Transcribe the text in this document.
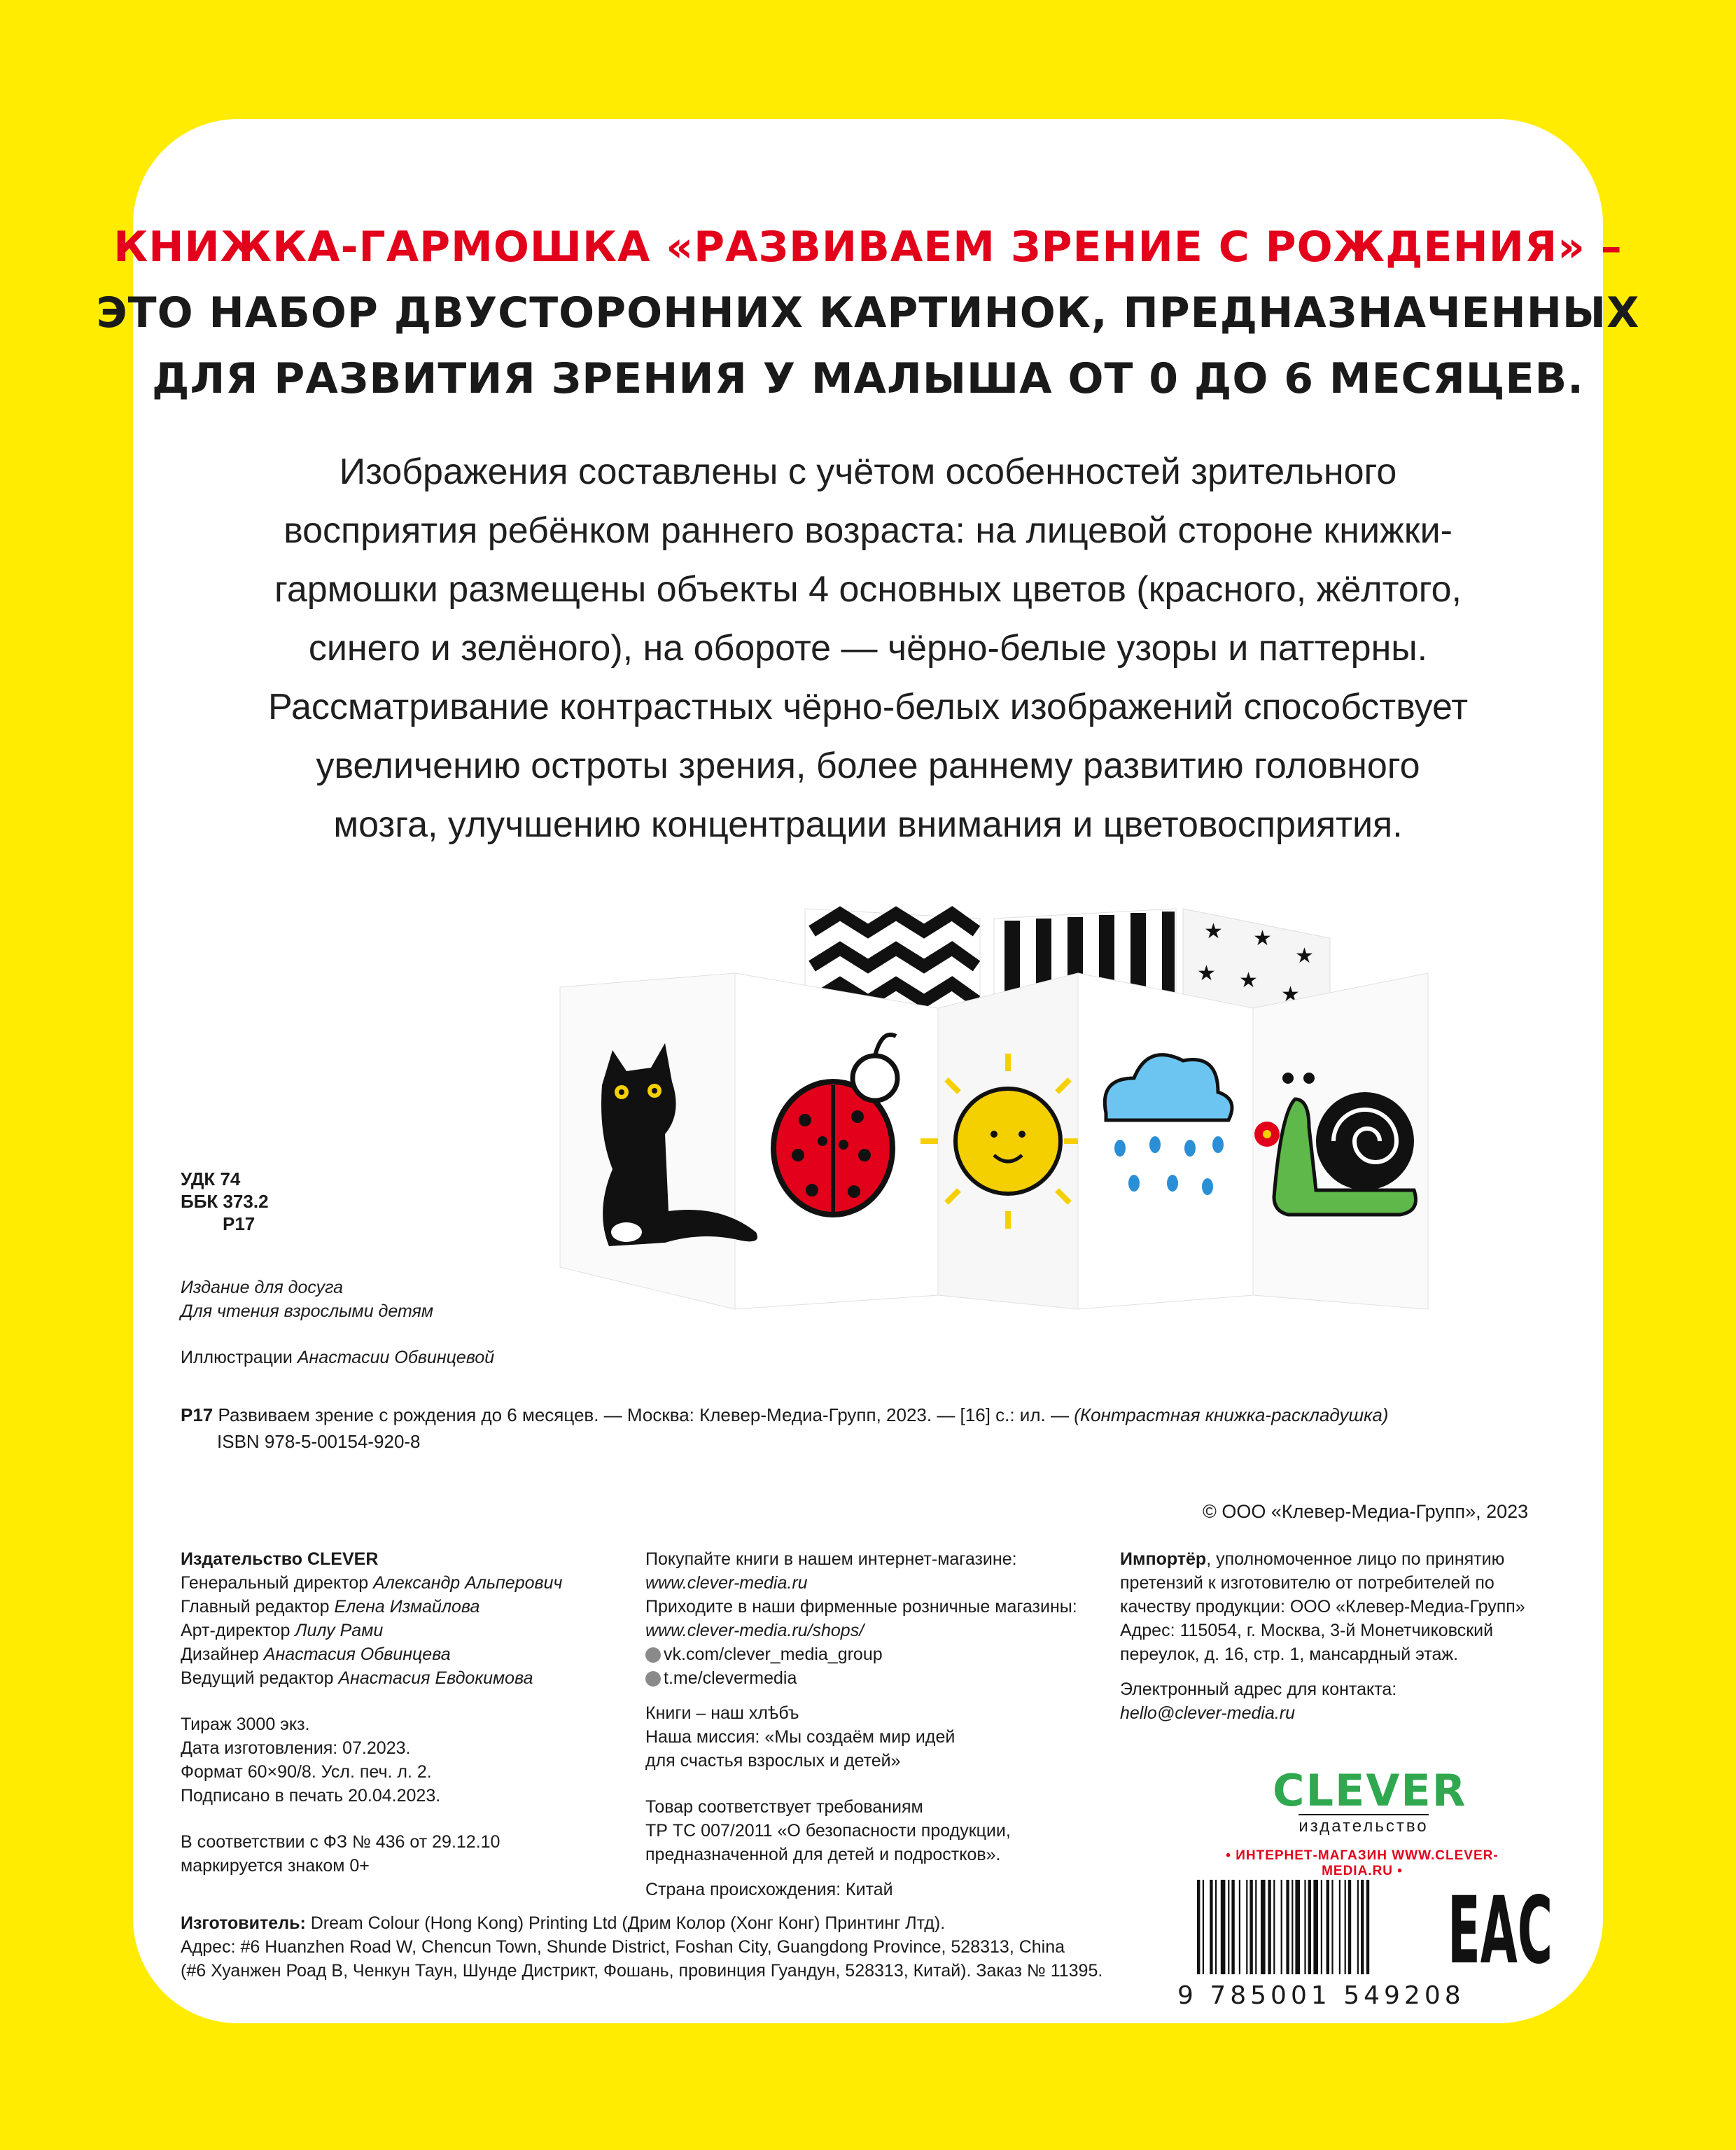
КНИЖКА-ГАРМОШКА «РАЗВИВАЕМ ЗРЕНИЕ С РОЖДЕНИЯ» –
ЭТО НАБОР ДВУСТОРОННИХ КАРТИНОК, ПРЕДНАЗНАЧЕННЫХ
ДЛЯ РАЗВИТИЯ ЗРЕНИЯ У МАЛЫША ОТ 0 ДО 6 МЕСЯЦЕВ.
Изображения составлены с учётом особенностей зрительного
восприятия ребёнком раннего возраста: на лицевой стороне книжки-
гармошки размещены объекты 4 основных цветов (красного, жёлтого,
синего и зелёного), на обороте — чёрно-белые узоры и паттерны.
Рассматривание контрастных чёрно-белых изображений способствует
увеличению остроты зрения, более раннему развитию головного
мозга, улучшению концентрации внимания и цветовосприятия.
★ ★
★
★ ★
★
УДК 74
ББК 373.2
Р17
Издание для досуга
Для чтения взрослыми детям
Иллюстрации Анастасии Обвинцевой
Р17 Развиваем зрение с рождения до 6 месяцев. — Москва: Клевер-Медиа-Групп, 2023. — [16] с.: ил. — (Контрастная книжка-раскладушка)
ISBN 978-5-00154-920-8
© ООО «Клевер-Медиа-Групп», 2023
Издательство CLEVER
Генеральный директор Александр Альперович
Главный редактор Елена Измайлова
Арт-директор Лилу Рами
Дизайнер Анастасия Обвинцева
Ведущий редактор Анастасия Евдокимова
Тираж 3000 экз.
Дата изготовления: 07.2023.
Формат 60×90/8. Усл. печ. л. 2.
Подписано в печать 20.04.2023.
В соответствии с ФЗ № 436 от 29.12.10
маркируется знаком 0+
Покупайте книги в нашем интернет-магазине:
www.clever-media.ru
Приходите в наши фирменные розничные магазины:
www.clever-media.ru/shops/
vk.com/clever_media_group
t.me/clevermedia
Книги – наш хлѣбъ
Наша миссия: «Мы создаём мир идей
для счастья взрослых и детей»
Товар соответствует требованиям
ТР ТС 007/2011 «О безопасности продукции,
предназначенной для детей и подростков».
Страна происхождения: Китай
Импортёр, уполномоченное лицо по принятию
претензий к изготовителю от потребителей по
качеству продукции: ООО «Клевер-Медиа-Групп»
Адрес: 115054, г. Москва, 3-й Монетчиковский
переулок, д. 16, стр. 1, мансардный этаж.
Электронный адрес для контакта:
hello@clever-media.ru
CLEVER
издательство
• ИНТЕРНЕТ-МАГАЗИН WWW.CLEVER-MEDIA.RU •
9 785001 549208
EAC
Изготовитель: Dream Colour (Hong Kong) Printing Ltd (Дрим Колор (Хонг Конг) Принтинг Лтд).
Адрес: #6 Huanzhen Road W, Chencun Town, Shunde District, Foshan City, Guangdong Province, 528313, China
(#6 Хуанжен Роад В, Ченкун Таун, Шунде Дистрикт, Фошань, провинция Гуандун, 528313, Китай). Заказ № 11395.
